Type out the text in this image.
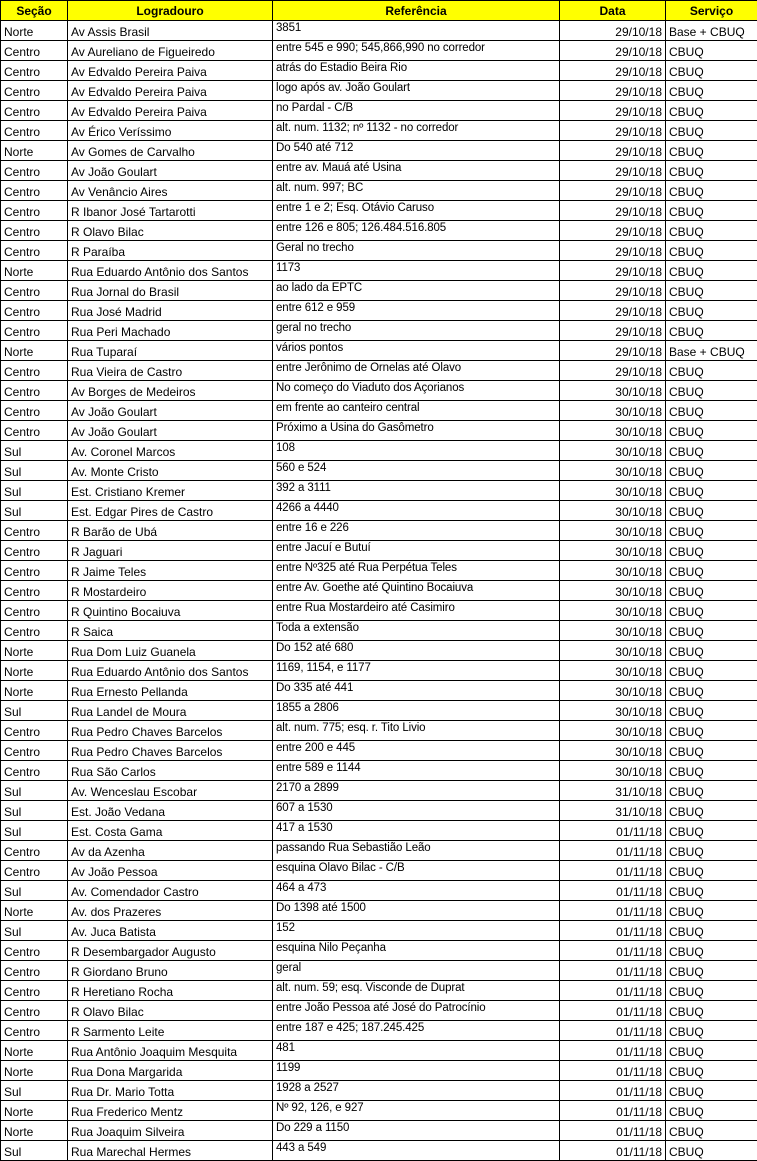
Seção	Logradouro	Referência	Data	Serviço
Norte	Av Assis Brasil	3851	29/10/18	Base + CBUQ
Centro	Av Aureliano de Figueiredo	entre 545 e 990; 545,866,990 no corredor	29/10/18	CBUQ
Centro	Av Edvaldo Pereira Paiva	atrás do Estadio Beira Rio	29/10/18	CBUQ
Centro	Av Edvaldo Pereira Paiva	logo após av. João Goulart	29/10/18	CBUQ
Centro	Av Edvaldo Pereira Paiva	no Pardal - C/B	29/10/18	CBUQ
Centro	Av Érico Veríssimo	alt. num. 1132; nº 1132 - no corredor	29/10/18	CBUQ
Norte	Av Gomes de Carvalho	Do 540 até 712	29/10/18	CBUQ
Centro	Av João Goulart	entre av. Mauá até Usina	29/10/18	CBUQ
Centro	Av Venâncio Aires	alt. num. 997; BC	29/10/18	CBUQ
Centro	R Ibanor José Tartarotti	entre 1 e 2; Esq. Otávio Caruso	29/10/18	CBUQ
Centro	R Olavo Bilac	entre 126 e 805; 126.484.516.805	29/10/18	CBUQ
Centro	R Paraíba	Geral no trecho	29/10/18	CBUQ
Norte	Rua Eduardo Antônio dos Santos	1173	29/10/18	CBUQ
Centro	Rua Jornal do Brasil	ao lado da EPTC	29/10/18	CBUQ
Centro	Rua José Madrid	entre 612 e 959	29/10/18	CBUQ
Centro	Rua Peri Machado	geral no trecho	29/10/18	CBUQ
Norte	Rua Tuparaí	vários pontos	29/10/18	Base + CBUQ
Centro	Rua Vieira de Castro	entre Jerônimo de Ornelas até Olavo	29/10/18	CBUQ
Centro	Av Borges de Medeiros	No começo do Viaduto dos Açorianos	30/10/18	CBUQ
Centro	Av João Goulart	em frente ao canteiro central	30/10/18	CBUQ
Centro	Av João Goulart	Próximo a Usina do Gasômetro	30/10/18	CBUQ
Sul	Av. Coronel Marcos	108	30/10/18	CBUQ
Sul	Av. Monte Cristo	560 e 524	30/10/18	CBUQ
Sul	Est. Cristiano Kremer	392 a 3111	30/10/18	CBUQ
Sul	Est. Edgar Pires de Castro	4266 a 4440	30/10/18	CBUQ
Centro	R Barão de Ubá	entre 16 e 226	30/10/18	CBUQ
Centro	R Jaguari	entre Jacuí e Butuí	30/10/18	CBUQ
Centro	R Jaime Teles	entre Nº325 até Rua Perpétua Teles	30/10/18	CBUQ
Centro	R Mostardeiro	entre Av. Goethe até Quintino Bocaiuva	30/10/18	CBUQ
Centro	R Quintino Bocaiuva	entre Rua Mostardeiro até Casimiro	30/10/18	CBUQ
Centro	R Saica	Toda a extensão	30/10/18	CBUQ
Norte	Rua Dom Luiz Guanela	Do 152 até 680	30/10/18	CBUQ
Norte	Rua Eduardo Antônio dos Santos	1169, 1154, e 1177	30/10/18	CBUQ
Norte	Rua Ernesto Pellanda	Do 335 até 441	30/10/18	CBUQ
Sul	Rua Landel de Moura	1855 a 2806	30/10/18	CBUQ
Centro	Rua Pedro Chaves Barcelos	alt. num. 775; esq. r. Tito Livio	30/10/18	CBUQ
Centro	Rua Pedro Chaves Barcelos	entre 200 e 445	30/10/18	CBUQ
Centro	Rua São Carlos	entre 589 e 1144	30/10/18	CBUQ
Sul	Av. Wenceslau Escobar	2170 a 2899	31/10/18	CBUQ
Sul	Est. João Vedana	607 a 1530	31/10/18	CBUQ
Sul	Est. Costa Gama	417 a 1530	01/11/18	CBUQ
Centro	Av da Azenha	passando Rua Sebastião Leão	01/11/18	CBUQ
Centro	Av João Pessoa	esquina Olavo Bilac - C/B	01/11/18	CBUQ
Sul	Av. Comendador Castro	464 a 473	01/11/18	CBUQ
Norte	Av. dos Prazeres	Do 1398 até 1500	01/11/18	CBUQ
Sul	Av. Juca Batista	152	01/11/18	CBUQ
Centro	R Desembargador Augusto	esquina Nilo Peçanha	01/11/18	CBUQ
Centro	R Giordano Bruno	geral	01/11/18	CBUQ
Centro	R Heretiano Rocha	alt. num. 59; esq. Visconde de Duprat	01/11/18	CBUQ
Centro	R Olavo Bilac	entre João Pessoa até José do Patrocínio	01/11/18	CBUQ
Centro	R Sarmento Leite	entre 187 e 425; 187.245.425	01/11/18	CBUQ
Norte	Rua Antônio Joaquim Mesquita	481	01/11/18	CBUQ
Norte	Rua Dona Margarida	1199	01/11/18	CBUQ
Sul	Rua Dr. Mario Totta	1928 a 2527	01/11/18	CBUQ
Norte	Rua Frederico Mentz	Nº 92, 126, e 927	01/11/18	CBUQ
Norte	Rua Joaquim Silveira	Do 229 a 1150	01/11/18	CBUQ
Sul	Rua Marechal Hermes	443 a 549	01/11/18	CBUQ
